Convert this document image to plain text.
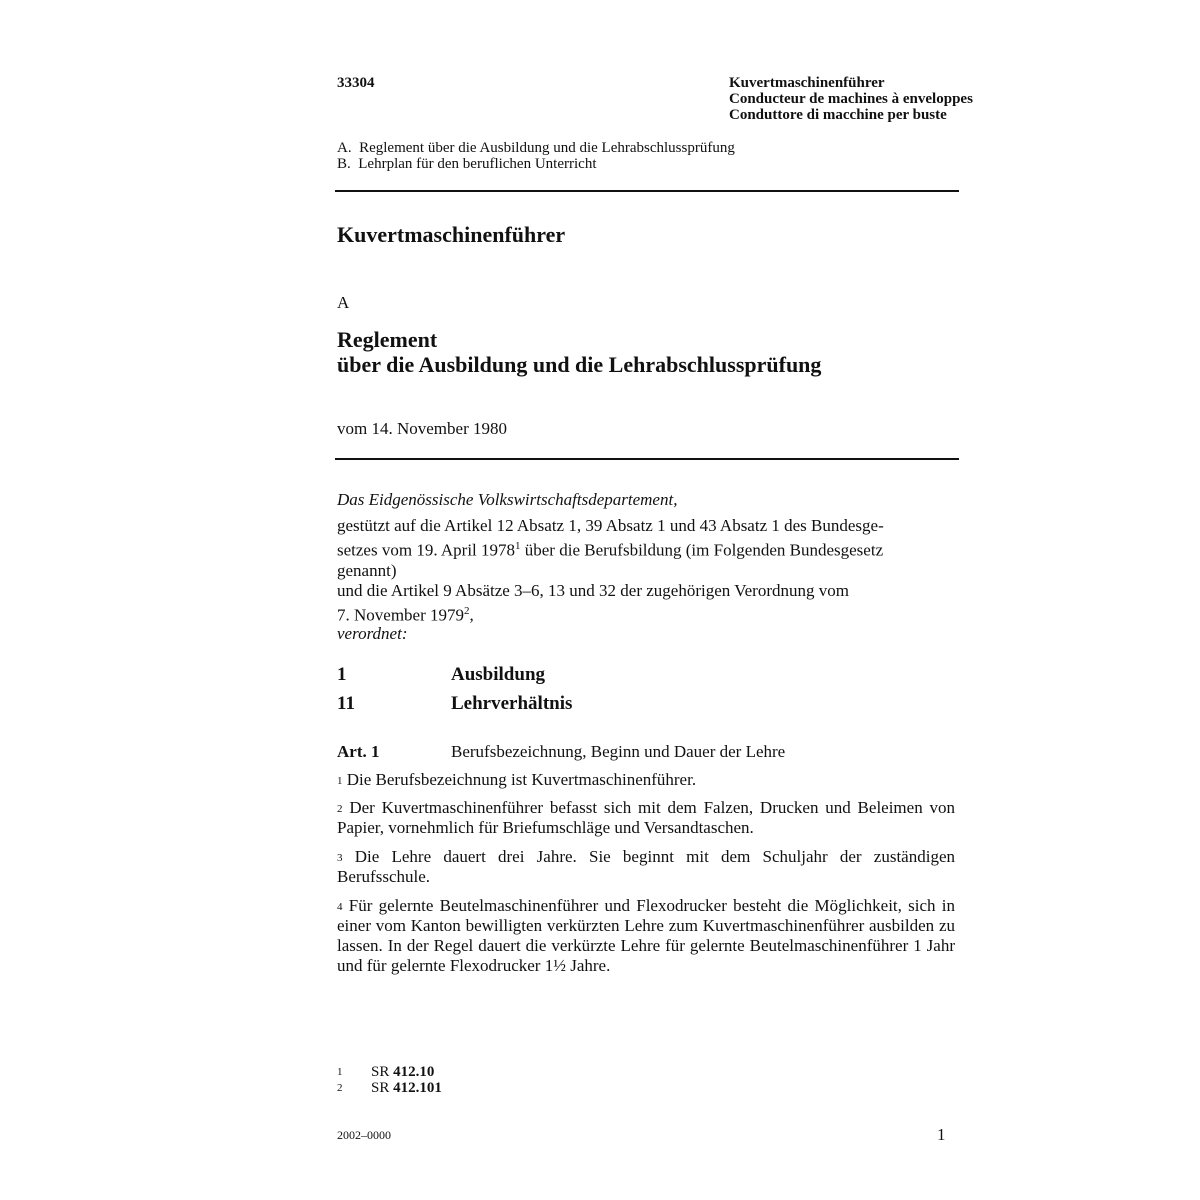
33304	Kuvertmaschinenführer
Conducteur de machines à enveloppes
Conduttore di macchine per buste
A.  Reglement über die Ausbildung und die Lehrabschlussprüfung
B.  Lehrplan für den beruflichen Unterricht
Kuvertmaschinenführer
A
Reglement
über die Ausbildung und die Lehrabschlussprüfung
vom 14. November 1980
Das Eidgenössische Volkswirtschaftsdepartement,
gestützt auf die Artikel 12 Absatz 1, 39 Absatz 1 und 43 Absatz 1 des Bundesge-
setzes vom 19. April 1978$^1$ über die Berufsbildung (im Folgenden Bundesgesetz
genannt)
und die Artikel 9 Absätze 3–6, 13 und 32 der zugehörigen Verordnung vom
7. November 1979$^2$,
verordnet:
1	Ausbildung
11	Lehrverhältnis
Art. 1	Berufsbezeichnung, Beginn und Dauer der Lehre
$^1$ Die Berufsbezeichnung ist Kuvertmaschinenführer.
$^2$ Der Kuvertmaschinenführer befasst sich mit dem Falzen, Drucken und Beleimen von Papier, vornehmlich für Briefumschläge und Versandtaschen.
$^3$ Die Lehre dauert drei Jahre. Sie beginnt mit dem Schuljahr der zuständigen Berufsschule.
$^4$ Für gelernte Beutelmaschinenführer und Flexodrucker besteht die Möglichkeit, sich in einer vom Kanton bewilligten verkürzten Lehre zum Kuvertmaschinenführer ausbilden zu lassen. In der Regel dauert die verkürzte Lehre für gelernte Beutelmaschinenführer 1 Jahr und für gelernte Flexodrucker 1½ Jahre.
1 SR 412.10
2 SR 412.101
2002–0000	1
